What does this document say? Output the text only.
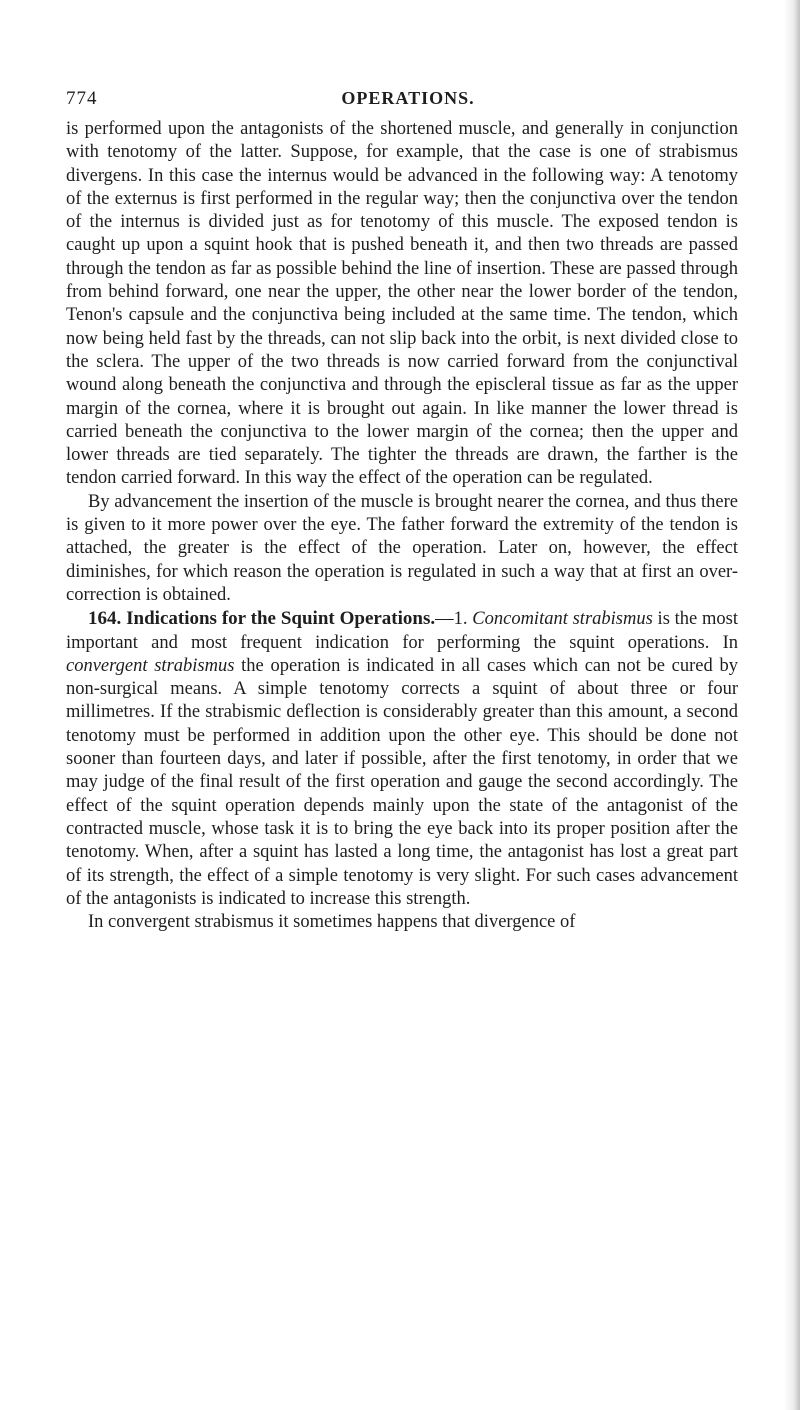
774	OPERATIONS.

is performed upon the antagonists of the shortened muscle, and generally in conjunction with tenotomy of the latter. Suppose, for example, that the case is one of strabismus divergens. In this case the internus would be advanced in the following way: A tenotomy of the externus is first performed in the regular way; then the conjunctiva over the tendon of the internus is divided just as for tenotomy of this muscle. The exposed tendon is caught up upon a squint hook that is pushed beneath it, and then two threads are passed through the tendon as far as possible behind the line of insertion. These are passed through from behind forward, one near the upper, the other near the lower border of the tendon, Tenon's capsule and the conjunctiva being included at the same time. The tendon, which now being held fast by the threads, can not slip back into the orbit, is next divided close to the sclera. The upper of the two threads is now carried forward from the conjunctival wound along beneath the conjunctiva and through the episcleral tissue as far as the upper margin of the cornea, where it is brought out again. In like manner the lower thread is carried beneath the conjunctiva to the lower margin of the cornea; then the upper and lower threads are tied separately. The tighter the threads are drawn, the farther is the tendon carried forward. In this way the effect of the operation can be regulated.

By advancement the insertion of the muscle is brought nearer the cornea, and thus there is given to it more power over the eye. The father forward the extremity of the tendon is attached, the greater is the effect of the operation. Later on, however, the effect diminishes, for which reason the operation is regulated in such a way that at first an over-correction is obtained.

164. Indications for the Squint Operations.—1. Concomitant strabismus is the most important and most frequent indication for performing the squint operations. In convergent strabismus the operation is indicated in all cases which can not be cured by non-surgical means. A simple tenotomy corrects a squint of about three or four millimetres. If the strabismic deflection is considerably greater than this amount, a second tenotomy must be performed in addition upon the other eye. This should be done not sooner than fourteen days, and later if possible, after the first tenotomy, in order that we may judge of the final result of the first operation and gauge the second accordingly. The effect of the squint operation depends mainly upon the state of the antagonist of the contracted muscle, whose task it is to bring the eye back into its proper position after the tenotomy. When, after a squint has lasted a long time, the antagonist has lost a great part of its strength, the effect of a simple tenotomy is very slight. For such cases advancement of the antagonists is indicated to increase this strength.

In convergent strabismus it sometimes happens that divergence of
